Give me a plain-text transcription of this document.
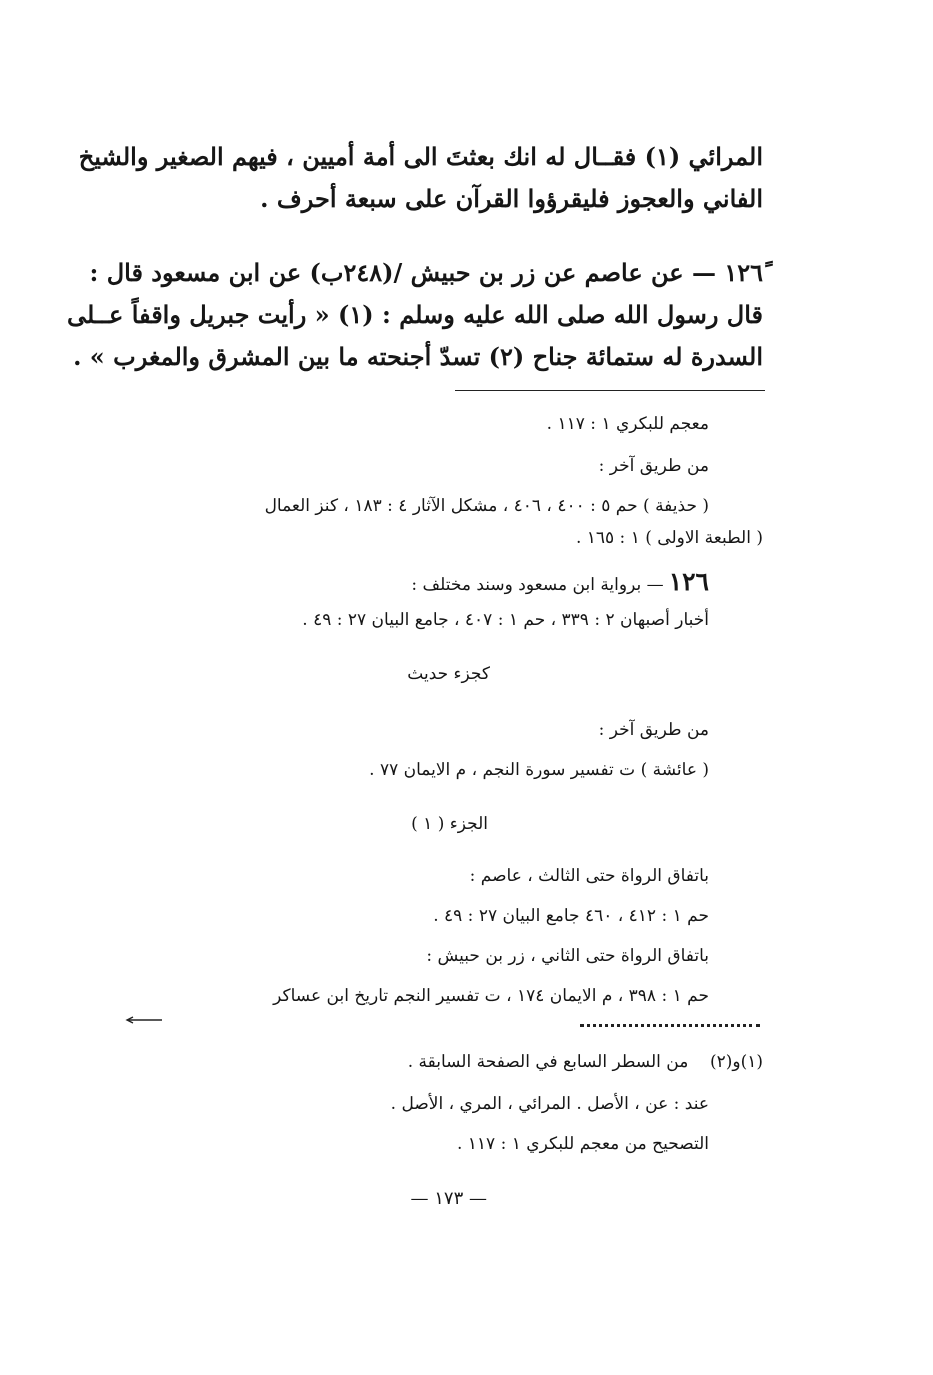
المرائي (١) فقــال له انك بعثتَ الى أمة أميين ، فيهم الصغير والشيخ
الفاني والعجوز فليقرؤوا القرآن على سبعة أحرف .
١٢٦ً — عن عاصم عن زر بن حبيش /(٢٤٨ب) عن ابن مسعود قال :
قال رسول الله صلى الله عليه وسلم : (١) « رأيت جبريل واقفاً عــلى
السدرة له ستمائة جناح (٢) تسدّ أجنحته ما بين المشرق والمغرب » .
معجم للبكري ١ : ١١٧ .
من طريق آخر :
( حذيفة ) حم ٥ : ٤٠٠ ، ٤٠٦ ، مشكل الآثار ٤ : ١٨٣ ، كنز العمال
( الطبعة الاولى ) ١ : ١٦٥ .
١٢٦ — برواية ابن مسعود وسند مختلف :
أخبار أصبهان ٢ : ٣٣٩ ، حم ١ : ٤٠٧ ، جامع البيان ٢٧ : ٤٩ .
كجزء حديث
من طريق آخر :
( عائشة ) ت تفسير سورة النجم ، م الايمان ٧٧ .
الجزء ( ١ )
باتفاق الرواة حتى الثالث ، عاصم :
حم ١ : ٤١٢ ، ٤٦٠ جامع البيان ٢٧ : ٤٩ .
باتفاق الرواة حتى الثاني ، زر بن حبيش :
حم ١ : ٣٩٨ ، م الايمان ١٧٤ ، ت تفسير النجم تاريخ ابن عساكر
(١)و(٢)    من السطر السابع في الصفحة السابقة .
عند : عن ، الأصل . المرائي ، المري ، الأصل .
التصحيح من معجم للبكري ١ : ١١٧ .
— ١٧٣ —
